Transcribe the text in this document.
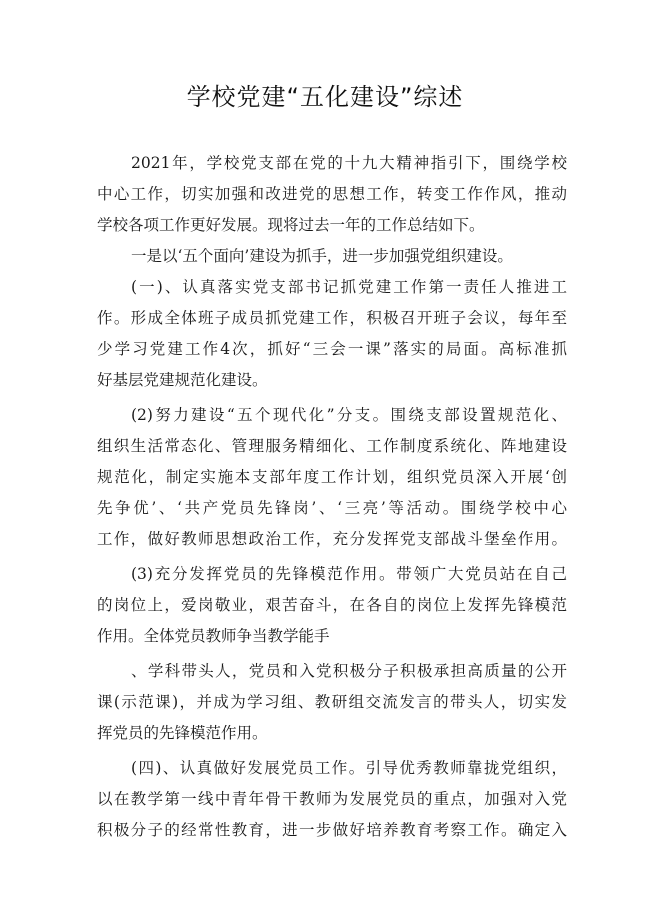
学校党建“五化建设”综述
2021年，学校党支部在党的十九大精神指引下，围绕学校
中心工作，切实加强和改进党的思想工作，转变工作作风，推动
学校各项工作更好发展。现将过去一年的工作总结如下。
一是以‘五个面向’建设为抓手，进一步加强党组织建设。
(一)、认真落实党支部书记抓党建工作第一责任人推进工
作。形成全体班子成员抓党建工作，积极召开班子会议，每年至
少学习党建工作4次，抓好“三会一课”落实的局面。高标准抓
好基层党建规范化建设。
(2)努力建设“五个现代化”分支。围绕支部设置规范化、
组织生活常态化、管理服务精细化、工作制度系统化、阵地建设
规范化，制定实施本支部年度工作计划，组织党员深入开展‘创
先争优’、‘共产党员先锋岗’、‘三亮’等活动。围绕学校中心
工作，做好教师思想政治工作，充分发挥党支部战斗堡垒作用。
(3)充分发挥党员的先锋模范作用。带领广大党员站在自己
的岗位上，爱岗敬业，艰苦奋斗，在各自的岗位上发挥先锋模范
作用。全体党员教师争当教学能手
、学科带头人，党员和入党积极分子积极承担高质量的公开
课(示范课)，并成为学习组、教研组交流发言的带头人，切实发
挥党员的先锋模范作用。
(四)、认真做好发展党员工作。引导优秀教师靠拢党组织，
以在教学第一线中青年骨干教师为发展党员的重点，加强对入党
积极分子的经常性教育，进一步做好培养教育考察工作。确定入
